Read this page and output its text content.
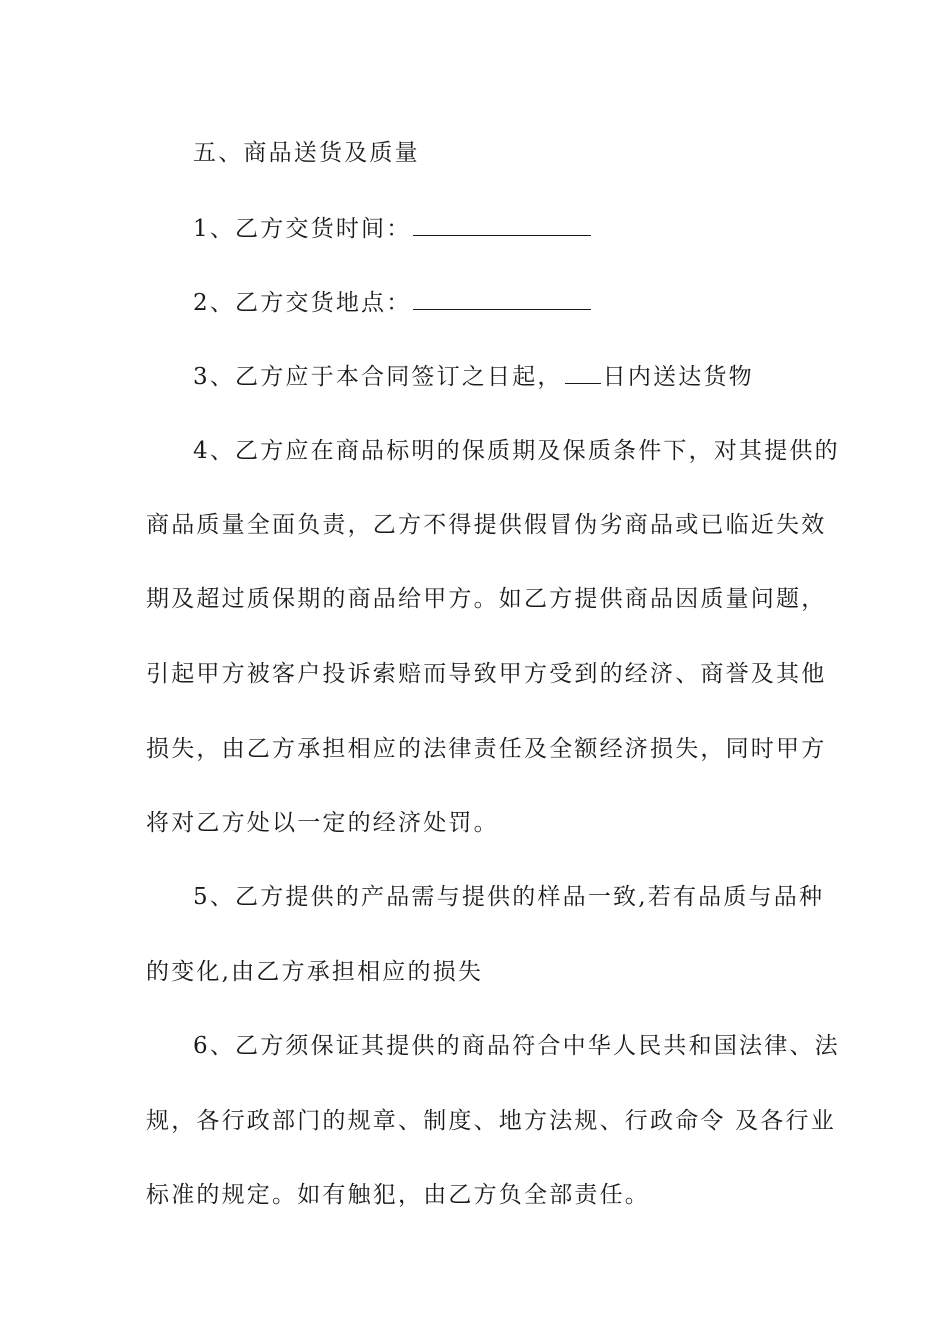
五、商品送货及质量
1、乙方交货时间：
2、乙方交货地点：
3、乙方应于本合同签订之日起， 日内送达货物
4、乙方应在商品标明的保质期及保质条件下，对其提供的
商品质量全面负责，乙方不得提供假冒伪劣商品或已临近失效
期及超过质保期的商品给甲方。如乙方提供商品因质量问题，
引起甲方被客户投诉索赔而导致甲方受到的经济、商誉及其他
损失，由乙方承担相应的法律责任及全额经济损失，同时甲方
将对乙方处以一定的经济处罚。
5、乙方提供的产品需与提供的样品一致,若有品质与品种
的变化,由乙方承担相应的损失
6、乙方须保证其提供的商品符合中华人民共和国法律、法
规，各行政部门的规章、制度、地方法规、行政命令 及各行业
标准的规定。如有触犯，由乙方负全部责任。
